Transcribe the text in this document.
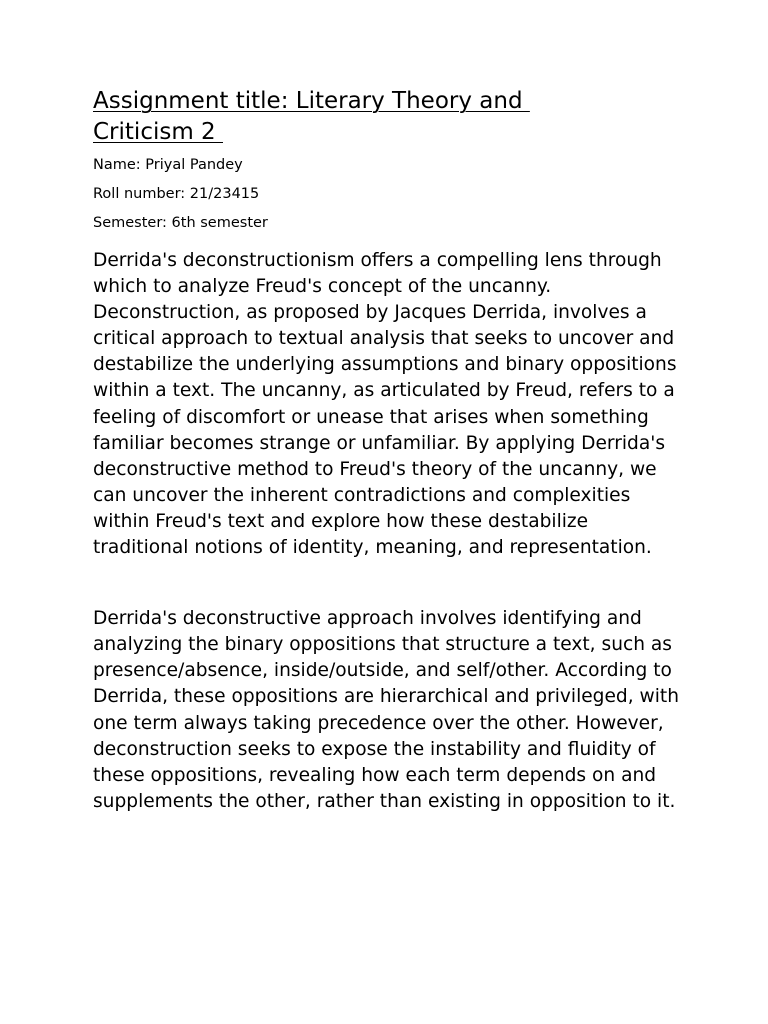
Assignment title: Literary Theory and
Criticism 2

Name: Priyal Pandey

Roll number: 21/23415

Semester: 6th semester

Derrida's deconstructionism offers a compelling lens through which to analyze Freud's concept of the uncanny. Deconstruction, as proposed by Jacques Derrida, involves a critical approach to textual analysis that seeks to uncover and destabilize the underlying assumptions and binary oppositions within a text. The uncanny, as articulated by Freud, refers to a feeling of discomfort or unease that arises when something familiar becomes strange or unfamiliar. By applying Derrida's deconstructive method to Freud's theory of the uncanny, we can uncover the inherent contradictions and complexities within Freud's text and explore how these destabilize traditional notions of identity, meaning, and representation.

Derrida's deconstructive approach involves identifying and analyzing the binary oppositions that structure a text, such as presence/absence, inside/outside, and self/other. According to Derrida, these oppositions are hierarchical and privileged, with one term always taking precedence over the other. However, deconstruction seeks to expose the instability and fluidity of these oppositions, revealing how each term depends on and supplements the other, rather than existing in opposition to it.
